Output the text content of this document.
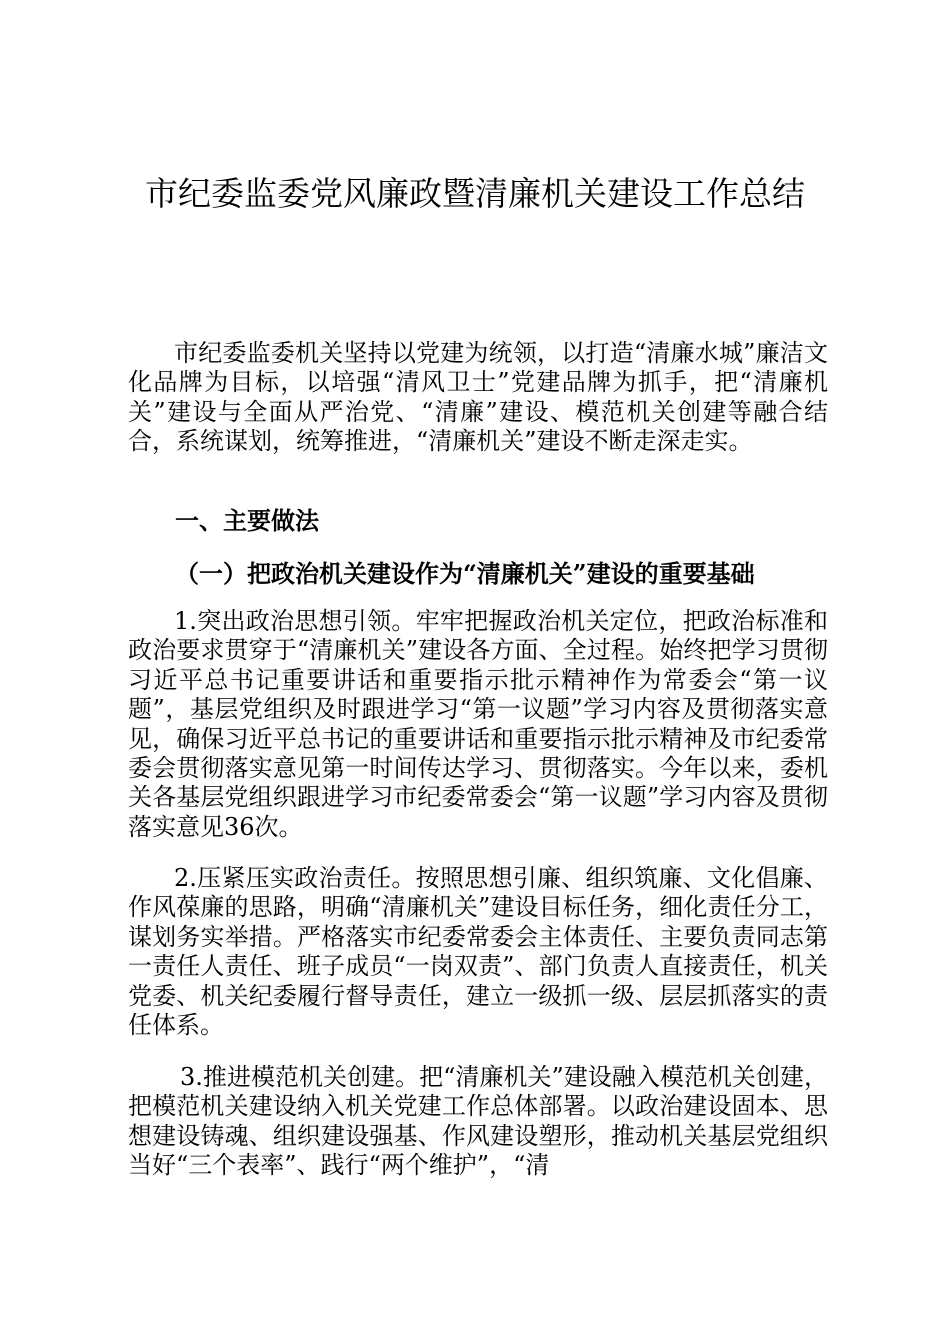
市纪委监委党风廉政暨清廉机关建设工作总结

市纪委监委机关坚持以党建为统领，以打造“清廉水城”廉洁文化品牌为目标，以培强“清风卫士”党建品牌为抓手，把“清廉机关”建设与全面从严治党、“清廉”建设、模范机关创建等融合结合，系统谋划，统筹推进，“清廉机关”建设不断走深走实。

一、主要做法
（一）把政治机关建设作为“清廉机关”建设的重要基础

1.突出政治思想引领。牢牢把握政治机关定位，把政治标准和政治要求贯穿于“清廉机关”建设各方面、全过程。始终把学习贯彻习近平总书记重要讲话和重要指示批示精神作为常委会“第一议题”，基层党组织及时跟进学习“第一议题”学习内容及贯彻落实意见，确保习近平总书记的重要讲话和重要指示批示精神及市纪委常委会贯彻落实意见第一时间传达学习、贯彻落实。今年以来，委机关各基层党组织跟进学习市纪委常委会“第一议题”学习内容及贯彻落实意见36次。

2.压紧压实政治责任。按照思想引廉、组织筑廉、文化倡廉、作风葆廉的思路，明确“清廉机关”建设目标任务，细化责任分工，谋划务实举措。严格落实市纪委常委会主体责任、主要负责同志第一责任人责任、班子成员“一岗双责”、部门负责人直接责任，机关党委、机关纪委履行督导责任，建立一级抓一级、层层抓落实的责任体系。

3.推进模范机关创建。把“清廉机关”建设融入模范机关创建，把模范机关建设纳入机关党建工作总体部署。以政治建设固本、思想建设铸魂、组织建设强基、作风建设塑形，推动机关基层党组织当好“三个表率”、践行“两个维护”，“清
